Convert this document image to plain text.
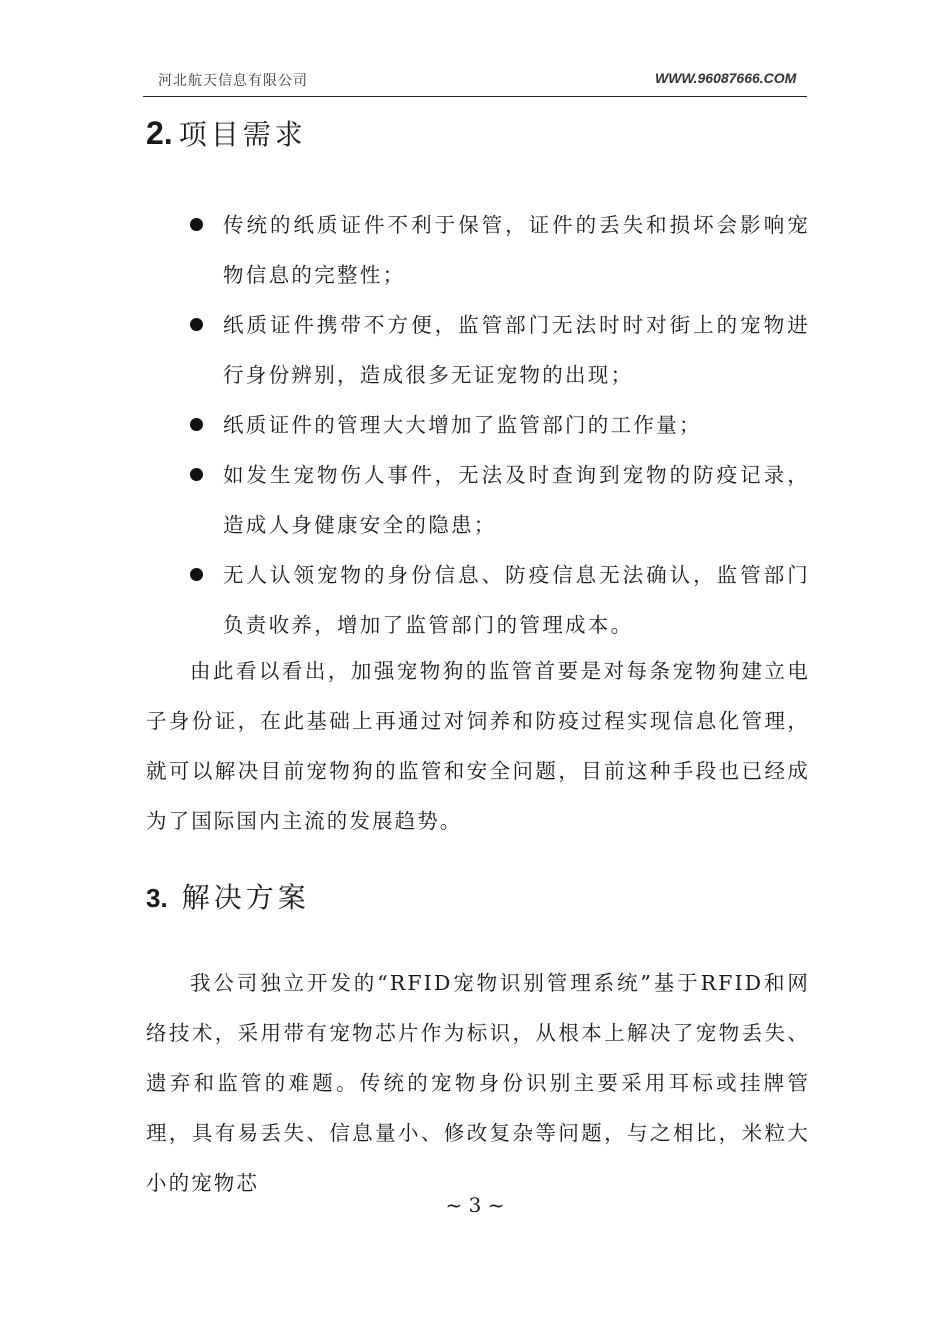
河北航天信息有限公司	WWW.96087666.COM
2. 项目需求
传统的纸质证件不利于保管，证件的丢失和损坏会影响宠物信息的完整性；
纸质证件携带不方便，监管部门无法时时对街上的宠物进行身份辨别，造成很多无证宠物的出现；
纸质证件的管理大大增加了监管部门的工作量；
如发生宠物伤人事件，无法及时查询到宠物的防疫记录，造成人身健康安全的隐患；
无人认领宠物的身份信息、防疫信息无法确认，监管部门负责收养，增加了监管部门的管理成本。

由此看以看出，加强宠物狗的监管首要是对每条宠物狗建立电子身份证，在此基础上再通过对饲养和防疫过程实现信息化管理，就可以解决目前宠物狗的监管和安全问题，目前这种手段也已经成为了国际国内主流的发展趋势。

3. 解决方案

我公司独立开发的“RFID宠物识别管理系统”基于RFID和网络技术，采用带有宠物芯片作为标识，从根本上解决了宠物丢失、遗弃和监管的难题。传统的宠物身份识别主要采用耳标或挂牌管理，具有易丢失、信息量小、修改复杂等问题，与之相比，米粒大小的宠物芯

~ 3 ~
